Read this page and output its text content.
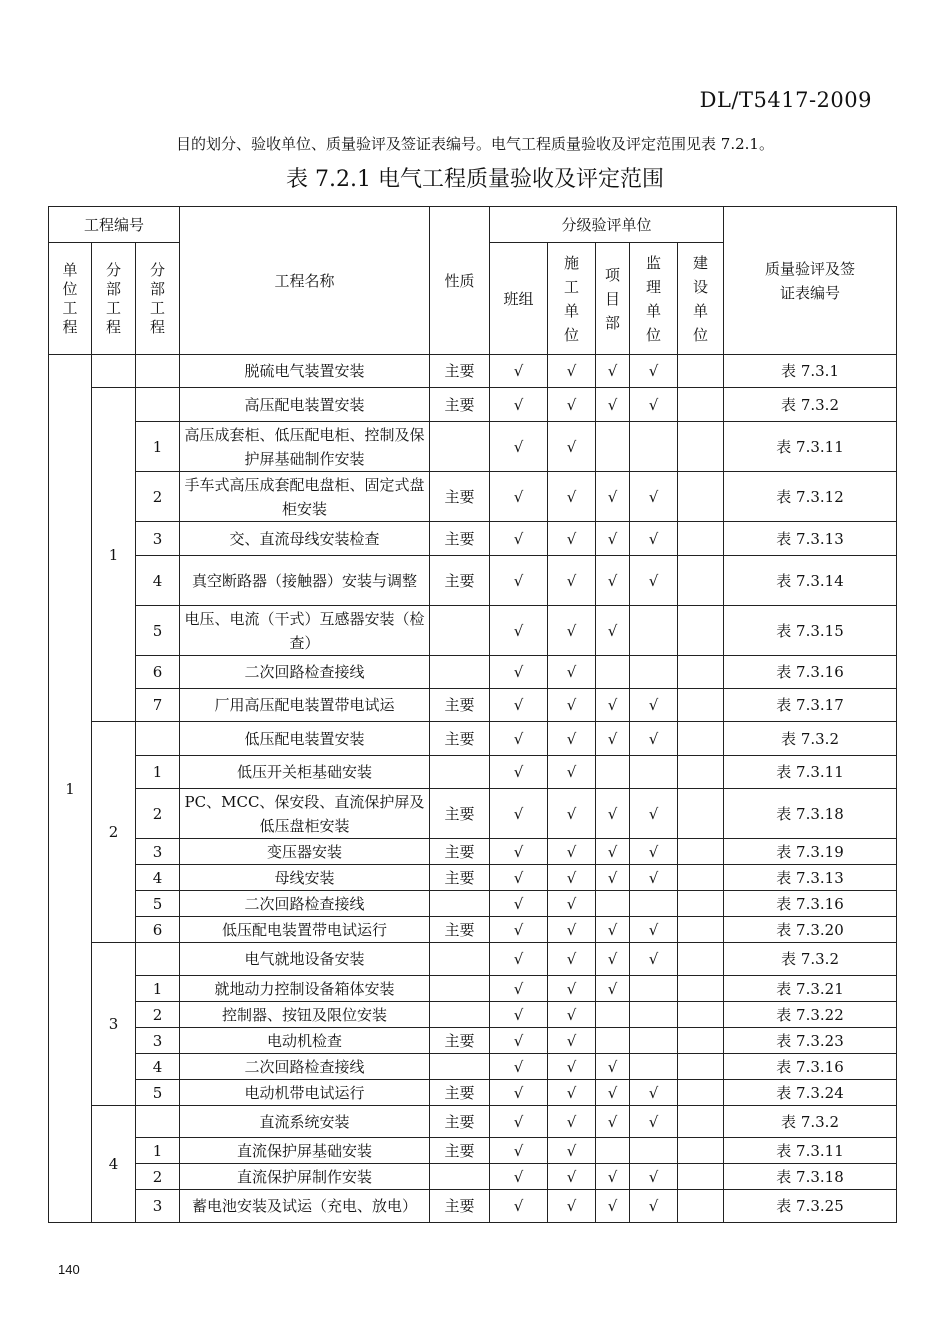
DL/T5417-2009
目的划分、验收单位、质量验评及签证表编号。电气工程质量验收及评定范围见表 7.2.1。
表 7.2.1 电气工程质量验收及评定范围
工程编号			工程名称	性质	分级验评单位					质量验评及签证表编号

单位工程	分部工程	分部工程			班组	施工单位	项目部	监理单位	建设单位	

1			脱硫电气装置安装	主要	√	√	√	√		表 7.3.1
	1		高压配电装置安装	主要	√	√	√	√		表 7.3.2
		1	高压成套柜、低压配电柜、控制及保护屏基础制作安装		√	√				表 7.3.11
		2	手车式高压成套配电盘柜、固定式盘柜安装	主要	√	√	√	√		表 7.3.12
		3	交、直流母线安装检查	主要	√	√	√	√		表 7.3.13
		4	真空断路器（接触器）安装与调整	主要	√	√	√	√		表 7.3.14
		5	电压、电流（干式）互感器安装（检查）		√	√	√			表 7.3.15
		6	二次回路检查接线		√	√				表 7.3.16
		7	厂用高压配电装置带电试运	主要	√	√	√	√		表 7.3.17
	2		低压配电装置安装	主要	√	√	√	√		表 7.3.2
		1	低压开关柜基础安装		√	√				表 7.3.11
		2	PC、MCC、保安段、直流保护屏及低压盘柜安装	主要	√	√	√	√		表 7.3.18
		3	变压器安装	主要	√	√	√	√		表 7.3.19
		4	母线安装	主要	√	√	√	√		表 7.3.13
		5	二次回路检查接线		√	√				表 7.3.16
		6	低压配电装置带电试运行	主要	√	√	√	√		表 7.3.20
	3		电气就地设备安装		√	√	√	√		表 7.3.2
		1	就地动力控制设备箱体安装		√	√	√			表 7.3.21
		2	控制器、按钮及限位安装		√	√				表 7.3.22
		3	电动机检查	主要	√	√				表 7.3.23
		4	二次回路检查接线		√	√	√			表 7.3.16
		5	电动机带电试运行	主要	√	√	√	√		表 7.3.24
	4		直流系统安装	主要	√	√	√	√		表 7.3.2
		1	直流保护屏基础安装	主要	√	√				表 7.3.11
		2	直流保护屏制作安装		√	√	√	√		表 7.3.18
		3	蓄电池安装及试运（充电、放电）	主要	√	√	√	√		表 7.3.25
140
